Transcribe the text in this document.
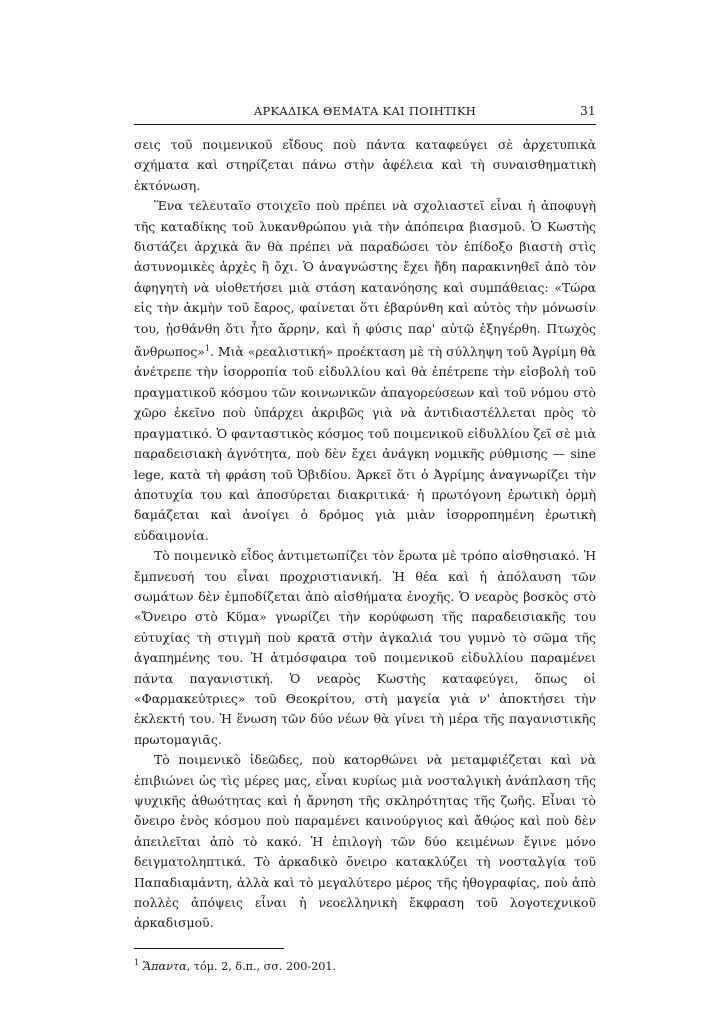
ΑΡΚΑΔΙΚΑ ΘΕΜΑΤΑ ΚΑΙ ΠΟΙΗΤΙΚΗ	31

σεις τοῦ ποιμενικοῦ εἴδους ποὺ πάντα καταφεύγει σὲ ἀρχετυπικὰ σχήματα καὶ στηρίζεται πάνω στὴν ἀφέλεια καὶ τὴ συναισθηματικὴ ἐκτόνωση.

Ἕνα τελευταῖο στοιχεῖο ποὺ πρέπει νὰ σχολιαστεῖ εἶναι ἡ ἀποφυγὴ τῆς καταδίκης τοῦ λυκανθρώπου γιὰ τὴν ἀπόπειρα βιασμοῦ. Ὁ Κωστὴς διστάζει ἀρχικὰ ἂν θὰ πρέπει νὰ παραδώσει τὸν ἐπίδοξο βιαστὴ στὶς ἀστυνομικὲς ἀρχὲς ἢ ὄχι. Ὁ ἀναγνώστης ἔχει ἤδη παρακινηθεῖ ἀπὸ τὸν ἀφηγητὴ νὰ υἱοθετήσει μιὰ στάση κατανόησης καὶ συμπάθειας: «Τώρα εἰς τὴν ἀκμὴν τοῦ ἔαρος, φαίνεται ὅτι ἐβαρύνθη καὶ αὐτὸς τὴν μόνωσίν του, ᾐσθάνθη ὅτι ἦτο ἄρρην, καὶ ἡ φύσις παρ' αὐτῷ ἐξηγέρθη. Πτωχὸς ἄνθρωπος»$^1$. Μιὰ «ρεαλιστική» προέκταση μὲ τὴ σύλληψη τοῦ Ἀγρίμη θὰ ἀνέτρεπε τὴν ἰσορροπία τοῦ εἰδυλλίου καὶ θὰ ἐπέτρεπε τὴν εἰσβολὴ τοῦ πραγματικοῦ κόσμου τῶν κοινωνικῶν ἀπαγορεύσεων καὶ τοῦ νόμου στὸ χῶρο ἐκεῖνο ποὺ ὑπάρχει ἀκριβῶς γιὰ νὰ ἀντιδιαστέλλεται πρὸς τὸ πραγματικό. Ὁ φανταστικὸς κόσμος τοῦ ποιμενικοῦ εἰδυλλίου ζεῖ σὲ μιὰ παραδεισιακὴ ἀγνότητα, ποὺ δὲν ἔχει ἀνάγκη νομικῆς ρύθμισης — sine lege, κατὰ τὴ φράση τοῦ Ὀβιδίου. Ἀρκεῖ ὅτι ὁ Ἀγρίμης ἀναγνωρίζει τὴν ἀποτυχία του καὶ ἀποσύρεται διακριτικά· ἡ πρωτόγονη ἐρωτικὴ ὁρμὴ δαμάζεται καὶ ἀνοίγει ὁ δρόμος γιὰ μιὰν ἰσορροπημένη ἐρωτικὴ εὐδαιμονία.

Τὸ ποιμενικὸ εἶδος ἀντιμετωπίζει τὸν ἔρωτα μὲ τρόπο αἰσθησιακό. Ἡ ἔμπνευσή του εἶναι προχριστιανική. Ἡ θέα καὶ ἡ ἀπόλαυση τῶν σωμάτων δὲν ἐμποδίζεται ἀπὸ αἰσθήματα ἐνοχῆς. Ὁ νεαρὸς βοσκὸς στὸ «Ὄνειρο στὸ Κῦμα» γνωρίζει τὴν κορύφωση τῆς παραδεισιακῆς του εὐτυχίας τὴ στιγμὴ ποὺ κρατᾶ στὴν ἀγκαλιά του γυμνὸ τὸ σῶμα τῆς ἀγαπημένης του. Ἡ ἀτμόσφαιρα τοῦ ποιμενικοῦ εἰδυλλίου παραμένει πάντα παγανιστική. Ὁ νεαρὸς Κωστὴς καταφεύγει, ὅπως οἱ «Φαρμακεύτριες» τοῦ Θεοκρίτου, στὴ μαγεία γιὰ ν' ἀποκτήσει τὴν ἐκλεκτή του. Ἡ ἕνωση τῶν δύο νέων θὰ γίνει τὴ μέρα τῆς παγανιστικῆς πρωτομαγιᾶς.

Τὸ ποιμενικὸ ἰδεῶδες, ποὺ κατορθώνει νὰ μεταμφιέζεται καὶ νὰ ἐπιβιώνει ὡς τὶς μέρες μας, εἶναι κυρίως μιὰ νοσταλγικὴ ἀνάπλαση τῆς ψυχικῆς ἀθωότητας καὶ ἡ ἄρνηση τῆς σκληρότητας τῆς ζωῆς. Εἶναι τὸ ὄνειρο ἑνὸς κόσμου ποὺ παραμένει καινούργιος καὶ ἄθῴος καὶ ποὺ δὲν ἀπειλεῖται ἀπὸ τὸ κακό. Ἡ ἐπιλογὴ τῶν δύο κειμένων ἔγινε μόνο δειγματοληπτικά. Τὸ ἀρκαδικὸ ὄνειρο κατακλύζει τὴ νοσταλγία τοῦ Παπαδιαμάντη, ἀλλὰ καὶ τὸ μεγαλύτερο μέρος τῆς ἠθογραφίας, ποὺ ἀπὸ πολλὲς ἀπόψεις εἶναι ἡ νεοελληνικὴ ἔκφραση τοῦ λογοτεχνικοῦ ἀρκαδισμοῦ.

$^1$ Ἅπαντα, τόμ. 2, δ.π., σσ. 200-201.
